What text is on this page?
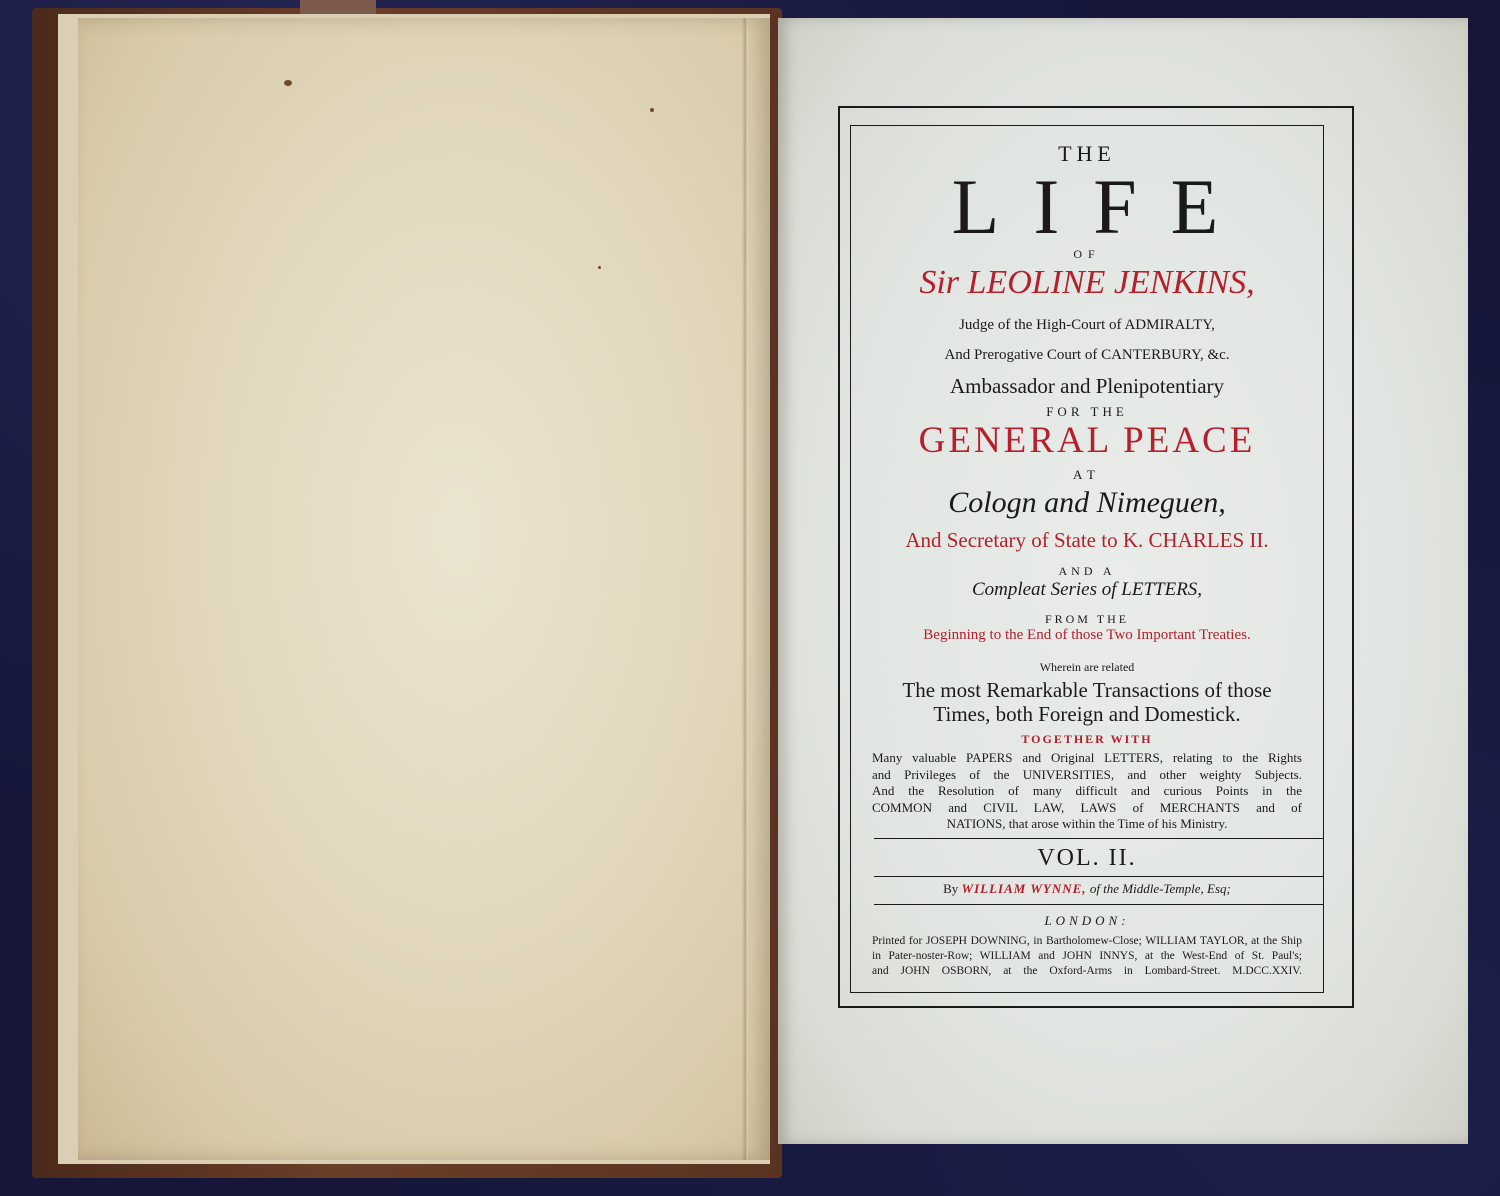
THE
LIFE
OF
Sir LEOLINE JENKINS,
Judge of the High-Court of ADMIRALTY,
And Prerogative Court of CANTERBURY, &c.
Ambassador and Plenipotentiary
FOR THE
GENERAL PEACE
AT
Cologn and Nimeguen,
And Secretary of State to K. CHARLES II.
AND A
Compleat Series of LETTERS,
FROM THE
Beginning to the End of those Two Important Treaties.
Wherein are related
The most Remarkable Transactions of those
Times, both Foreign and Domestick.
TOGETHER WITH
Many valuable PAPERS and Original LETTERS, relating to the Rights
and Privileges of the UNIVERSITIES, and other weighty Subjects.
And the Resolution of many difficult and curious Points in the
COMMON and CIVIL LAW, LAWS of MERCHANTS and of
NATIONS, that arose within the Time of his Ministry.
VOL. II.
By WILLIAM WYNNE, of the Middle-Temple, Esq;
LONDON:
Printed for JOSEPH DOWNING, in Bartholomew-Close; WILLIAM TAYLOR, at the Ship
in Pater-noster-Row; WILLIAM and JOHN INNYS, at the West-End of St. Paul's;
and JOHN OSBORN, at the Oxford-Arms in Lombard-Street. M.DCC.XXIV.
